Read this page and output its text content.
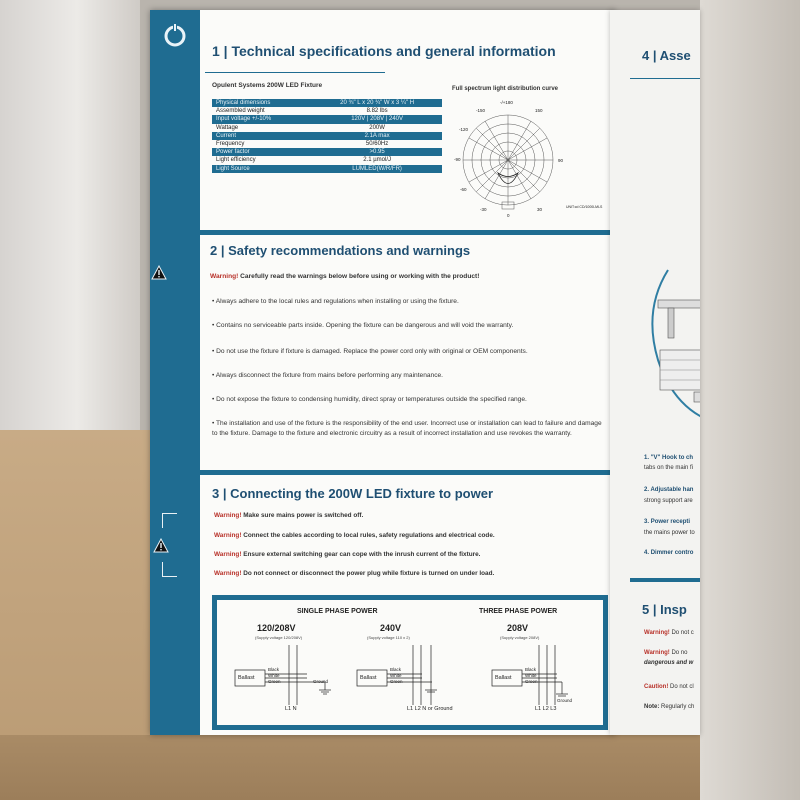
1 | Technical specifications and general information
Opulent Systems 200W LED Fixture
Physical dimensions	20 ¾" L x 20 ¾" W x 3 ¼" H
Assembled weight	8.82 lbs
Input voltage +/-10%	120V | 208V | 240V
Wattage	200W
Current	2.1A max
Frequency	50/60Hz
Power factor	>0.95
Light efficiency	2.1 µmol/J
Light Source	LUMLED(W/R/FR)
Full spectrum light distribution curve
-/+180
-150	150
-120
-90	90
-60
-30
0
30	UNIT:cd CD/1000LMLS
2 | Safety recommendations and warnings
Warning! Carefully read the warnings below before using or working with the product!
• Always adhere to the local rules and regulations when installing or using the fixture.
• Contains no serviceable parts inside. Opening the fixture can be dangerous and will void the warranty.
• Do not use the fixture if fixture is damaged. Replace the power cord only with original or OEM components.
• Always disconnect the fixture from mains before performing any maintenance.
• Do not expose the fixture to condensing humidity, direct spray or temperatures outside the specified range.
• The installation and use of the fixture is the responsibility of the end user. Incorrect use or installation can lead to failure and damage to the fixture. Damage to the fixture and electronic circuitry as a result of incorrect installation and use revokes the warranty.
3 | Connecting the 200W LED fixture to power
Warning! Make sure mains power is switched off.
Warning! Connect the cables according to local rules, safety regulations and electrical code.
Warning! Ensure external switching gear can cope with the inrush current of the fixture.
Warning! Do not connect or disconnect the power plug while fixture is turned on under load.
SINGLE PHASE POWER	THREE PHASE POWER
120/208V
(Supply voltage 120/208V)
240V
(Supply voltage 110 x 2)
208V
(Supply voltage 208V)
Ballast
Black
White
Green	Ground
L1 N
Ballast
Black
White
Green
L1 L2 N or Ground
Ballast
Black
White
Green
Ground
L1 L2 L3
4 | Asse
1. "V" Hook to ch
tabs on the main fi
2. Adjustable han
strong support are
3. Power recepti
the mains power to
4. Dimmer contro
5 | Insp
Warning! Do not c
Warning! Do no
dangerous and w
Caution! Do not cl
Note: Regularly ch
